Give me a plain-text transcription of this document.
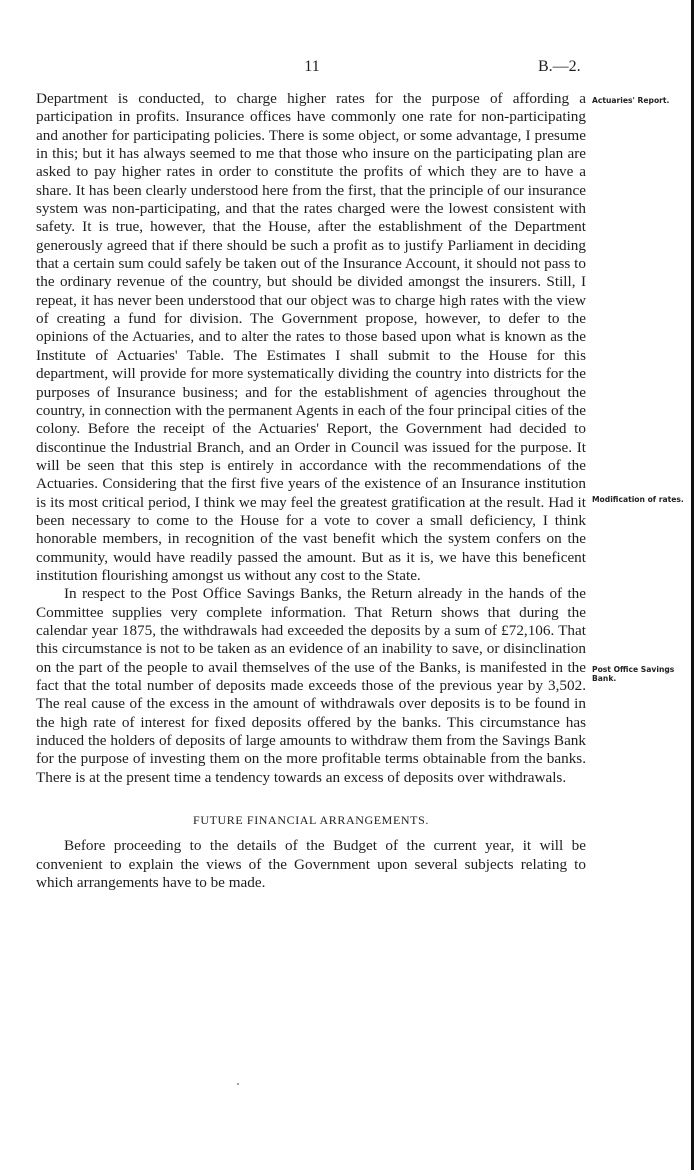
11	B.—2.
Actuaries' Report.
Modification of rates.
Post Office Savings Bank.

Department is conducted, to charge higher rates for the purpose of affording a participation in profits. Insurance offices have commonly one rate for non-participating and another for participating policies. There is some object, or some advantage, I presume in this; but it has always seemed to me that those who insure on the participating plan are asked to pay higher rates in order to constitute the profits of which they are to have a share. It has been clearly understood here from the first, that the principle of our insurance system was non-participating, and that the rates charged were the lowest consistent with safety. It is true, however, that the House, after the establishment of the Department generously agreed that if there should be such a profit as to justify Parliament in deciding that a certain sum could safely be taken out of the Insurance Account, it should not pass to the ordinary revenue of the country, but should be divided amongst the insurers. Still, I repeat, it has never been understood that our object was to charge high rates with the view of creating a fund for division. The Government propose, however, to defer to the opinions of the Actuaries, and to alter the rates to those based upon what is known as the Institute of Actuaries' Table. The Estimates I shall submit to the House for this department, will provide for more systematically dividing the country into districts for the purposes of Insurance business; and for the establishment of agencies throughout the country, in connection with the permanent Agents in each of the four principal cities of the colony. Before the receipt of the Actuaries' Report, the Government had decided to discontinue the Industrial Branch, and an Order in Council was issued for the purpose. It will be seen that this step is entirely in accordance with the recommendations of the Actuaries. Considering that the first five years of the existence of an Insurance institution is its most critical period, I think we may feel the greatest gratification at the result. Had it been necessary to come to the House for a vote to cover a small deficiency, I think honorable members, in recognition of the vast benefit which the system confers on the community, would have readily passed the amount. But as it is, we have this beneficent institution flourishing amongst us without any cost to the State.

In respect to the Post Office Savings Banks, the Return already in the hands of the Committee supplies very complete information. That Return shows that during the calendar year 1875, the withdrawals had exceeded the deposits by a sum of £72,106. That this circumstance is not to be taken as an evidence of an inability to save, or disinclination on the part of the people to avail themselves of the use of the Banks, is manifested in the fact that the total number of deposits made exceeds those of the previous year by 3,502. The real cause of the excess in the amount of withdrawals over deposits is to be found in the high rate of interest for fixed deposits offered by the banks. This circumstance has induced the holders of deposits of large amounts to withdraw them from the Savings Bank for the purpose of investing them on the more profitable terms obtainable from the banks. There is at the present time a tendency towards an excess of deposits over withdrawals.

FUTURE FINANCIAL ARRANGEMENTS.

Before proceeding to the details of the Budget of the current year, it will be convenient to explain the views of the Government upon several subjects relating to which arrangements have to be made.
